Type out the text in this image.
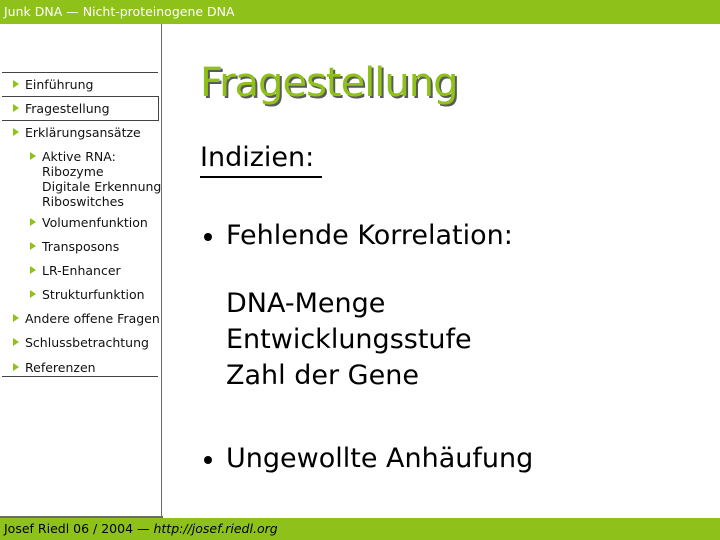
Junk DNA — Nicht-proteinogene DNA
Einführung
Fragestellung
Erklärungsansätze
Aktive RNA:
Ribozyme
Digitale Erkennung
Riboswitches
Volumenfunktion
Transposons
LR-Enhancer
Strukturfunktion
Andere offene Fragen
Schlussbetrachtung
Referenzen
Fragestellung
Indizien:
Fehlende Korrelation:
DNA-Menge
Entwicklungsstufe
Zahl der Gene
Ungewollte Anhäufung
Josef Riedl 06 / 2004 — http://josef.riedl.org
